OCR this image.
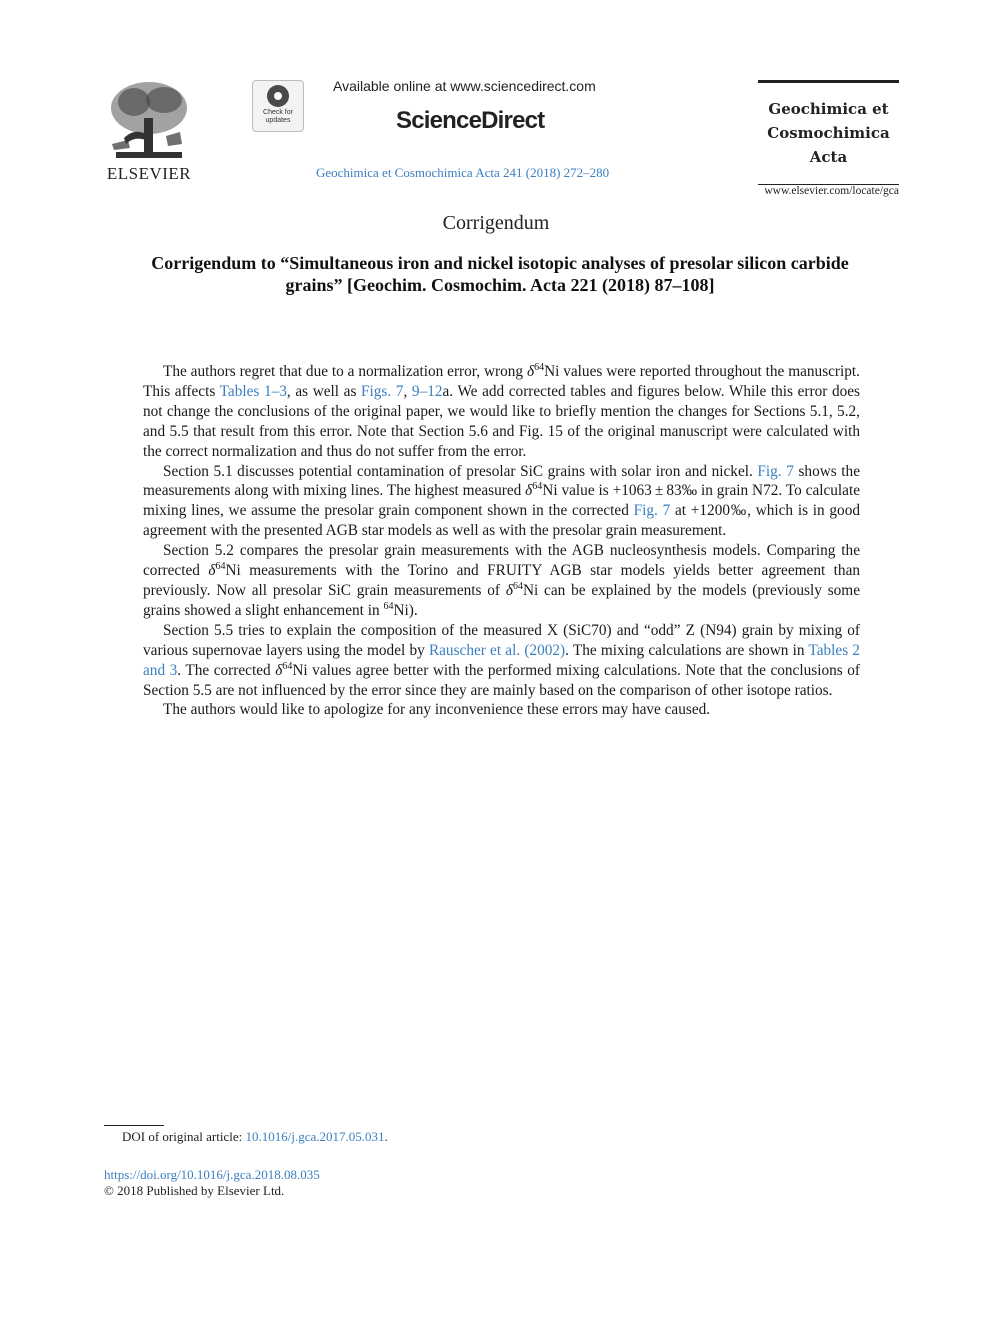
ELSEVIER
Check for updates
Available online at www.sciencedirect.com
ScienceDirect
Geochimica et Cosmochimica Acta 241 (2018) 272–280
Geochimica et
Cosmochimica
Acta
www.elsevier.com/locate/gca
Corrigendum
Corrigendum to “Simultaneous iron and nickel isotopic analyses of presolar silicon carbide grains” [Geochim. Cosmochim. Acta 221 (2018) 87–108]

The authors regret that due to a normalization error, wrong $\delta^{64}Ni$ values were reported throughout the manuscript. This affects Tables 1–3, as well as Figs. 7, 9–12a. We add corrected tables and figures below. While this error does not change the conclusions of the original paper, we would like to briefly mention the changes for Sections 5.1, 5.2, and 5.5 that result from this error. Note that Section 5.6 and Fig. 15 of the original manuscript were calculated with the correct normalization and thus do not suffer from the error.

Section 5.1 discusses potential contamination of presolar SiC grains with solar iron and nickel. Fig. 7 shows the measurements along with mixing lines. The highest measured $\delta^{64}Ni$ value is +1063 ± 83‰ in grain N72. To calculate mixing lines, we assume the presolar grain component shown in the corrected Fig. 7 at +1200‰, which is in good agreement with the presented AGB star models as well as with the presolar grain measurement.

Section 5.2 compares the presolar grain measurements with the AGB nucleosynthesis models. Comparing the corrected $\delta^{64}Ni$ measurements with the Torino and FRUITY AGB star models yields better agreement than previously. Now all presolar SiC grain measurements of $\delta^{64}Ni$ can be explained by the models (previously some grains showed a slight enhancement in $^{64}$Ni).

Section 5.5 tries to explain the composition of the measured X (SiC70) and “odd” Z (N94) grain by mixing of various supernovae layers using the model by Rauscher et al. (2002). The mixing calculations are shown in Tables 2 and 3. The corrected $\delta^{64}Ni$ values agree better with the performed mixing calculations. Note that the conclusions of Section 5.5 are not influenced by the error since they are mainly based on the comparison of other isotope ratios.

The authors would like to apologize for any inconvenience these errors may have caused.

DOI of original article: 10.1016/j.gca.2017.05.031.
https://doi.org/10.1016/j.gca.2018.08.035
© 2018 Published by Elsevier Ltd.
